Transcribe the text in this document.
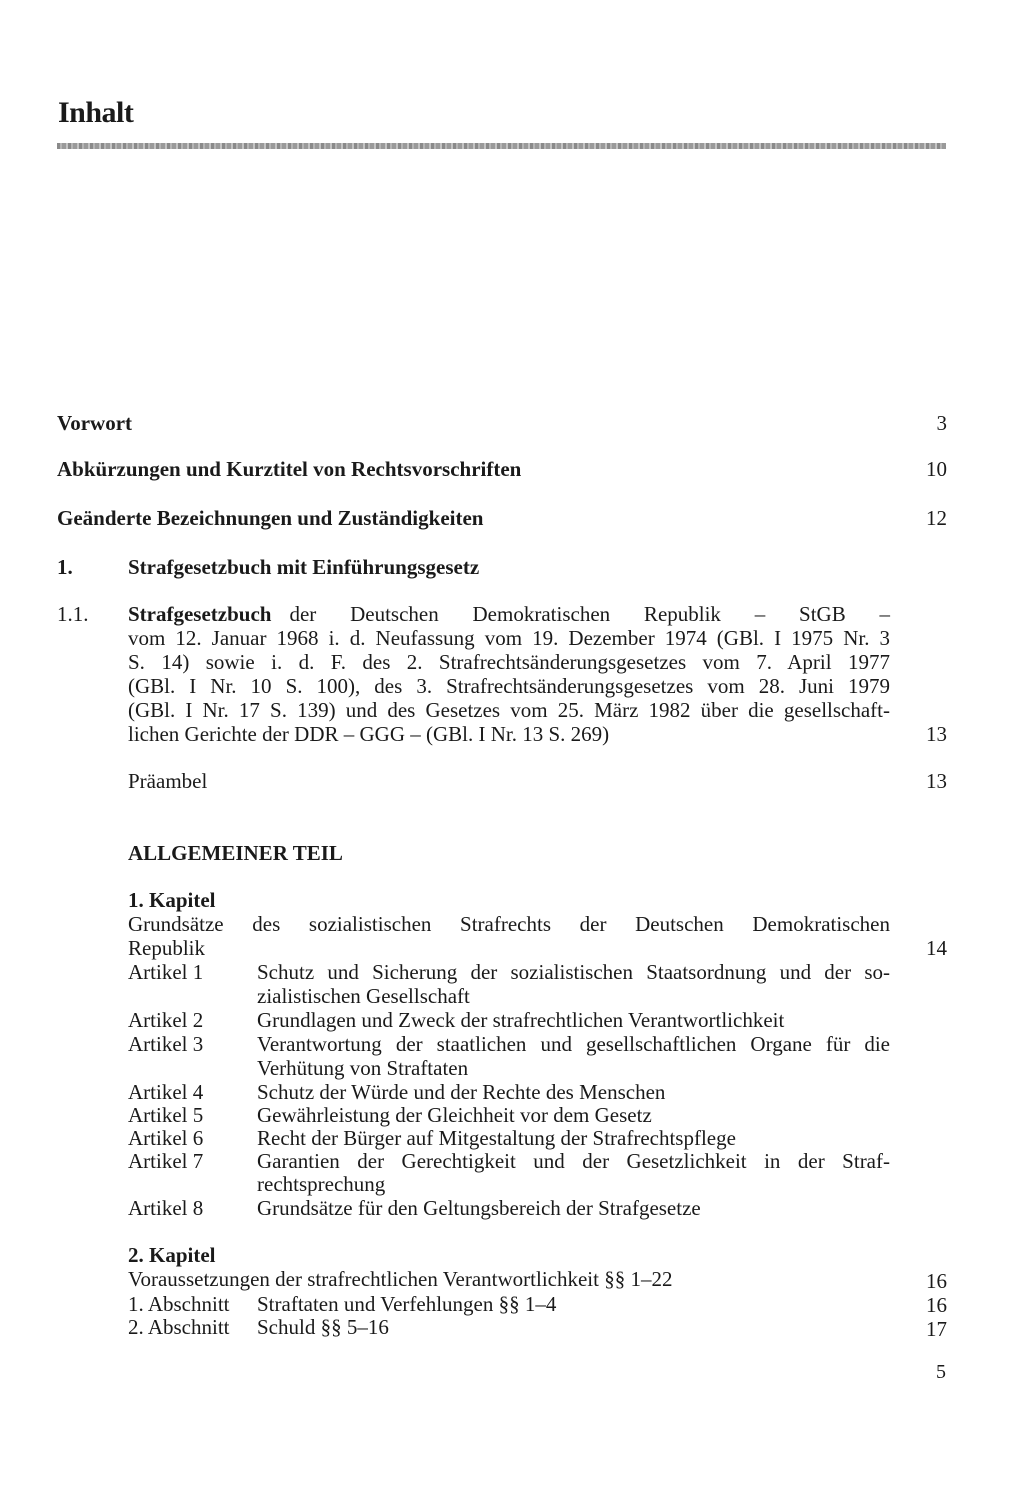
Inhalt
Vorwort	3
Abkürzungen und Kurztitel von Rechtsvorschriften	10
Geänderte Bezeichnungen und Zuständigkeiten	12
1.	Strafgesetzbuch mit Einführungsgesetz
1.1. Strafgesetzbuch der Deutschen Demokratischen Republik – StGB –
vom 12. Januar 1968 i. d. Neufassung vom 19. Dezember 1974 (GBl. I 1975 Nr. 3
S. 14) sowie i. d. F. des 2. Strafrechtsänderungsgesetzes vom 7. April 1977
(GBl. I Nr. 10 S. 100), des 3. Strafrechtsänderungsgesetzes vom 28. Juni 1979
(GBl. I Nr. 17 S. 139) und des Gesetzes vom 25. März 1982 über die gesellschaft-
lichen Gerichte der DDR – GGG – (GBl. I Nr. 13 S. 269)	13
Präambel	13
ALLGEMEINER TEIL
1. Kapitel
Grundsätze des sozialistischen Strafrechts der Deutschen Demokratischen
Republik	14
Artikel 1	Schutz und Sicherung der sozialistischen Staatsordnung und der so-
zialistischen Gesellschaft
Artikel 2	Grundlagen und Zweck der strafrechtlichen Verantwortlichkeit
Artikel 3	Verantwortung der staatlichen und gesellschaftlichen Organe für die
Verhütung von Straftaten
Artikel 4	Schutz der Würde und der Rechte des Menschen
Artikel 5	Gewährleistung der Gleichheit vor dem Gesetz
Artikel 6	Recht der Bürger auf Mitgestaltung der Strafrechtspflege
Artikel 7	Garantien der Gerechtigkeit und der Gesetzlichkeit in der Straf-
rechtsprechung
Artikel 8	Grundsätze für den Geltungsbereich der Strafgesetze
2. Kapitel
Voraussetzungen der strafrechtlichen Verantwortlichkeit §§ 1–22	16
1. Abschnitt Straftaten und Verfehlungen §§ 1–4	16
2. Abschnitt Schuld §§ 5–16	17
5
